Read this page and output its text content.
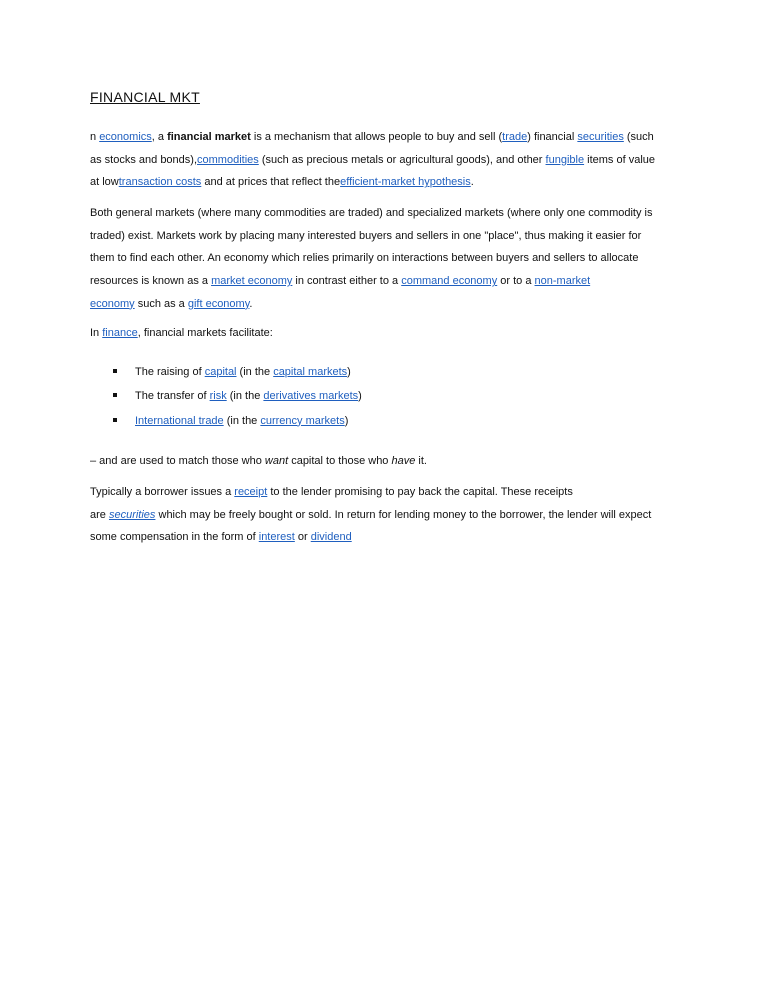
FINANCIAL MKT
n economics, a financial market is a mechanism that allows people to buy and sell (trade) financial securities (such
as stocks and bonds),commodities (such as precious metals or agricultural goods), and other fungible items of value
at lowtransaction costs and at prices that reflect theefficient-market hypothesis.
Both general markets (where many commodities are traded) and specialized markets (where only one commodity is
traded) exist. Markets work by placing many interested buyers and sellers in one "place", thus making it easier for
them to find each other. An economy which relies primarily on interactions between buyers and sellers to allocate
resources is known as a market economy in contrast either to a command economy or to a non-market
economy such as a gift economy.
In finance, financial markets facilitate:
The raising of capital (in the capital markets)
The transfer of risk (in the derivatives markets)
International trade (in the currency markets)
– and are used to match those who want capital to those who have it.
Typically a borrower issues a receipt to the lender promising to pay back the capital. These receipts
are securities which may be freely bought or sold. In return for lending money to the borrower, the lender will expect
some compensation in the form of interest or dividend
